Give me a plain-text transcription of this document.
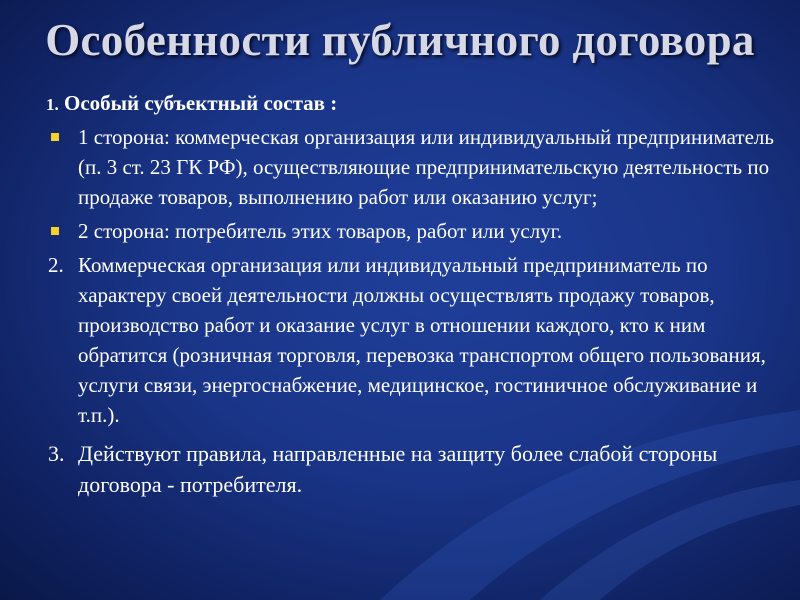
Особенности публичного договора
1. Особый субъектный состав :
1 сторона: коммерческая организация или индивидуальный предприниматель (п. 3 ст. 23 ГК РФ), осуществляющие предпринимательскую деятельность по продаже товаров, выполнению работ или оказанию услуг;
2 сторона: потребитель этих товаров, работ или услуг.
2. Коммерческая организация или индивидуальный предприниматель по характеру своей деятельности должны осуществлять продажу товаров, производство работ и оказание услуг в отношении каждого, кто к ним обратится (розничная торговля, перевозка транспортом общего пользования, услуги связи, энергоснабжение, медицинское, гостиничное обслуживание и т.п.).
3. Действуют правила, направленные на защиту более слабой стороны договора - потребителя.
